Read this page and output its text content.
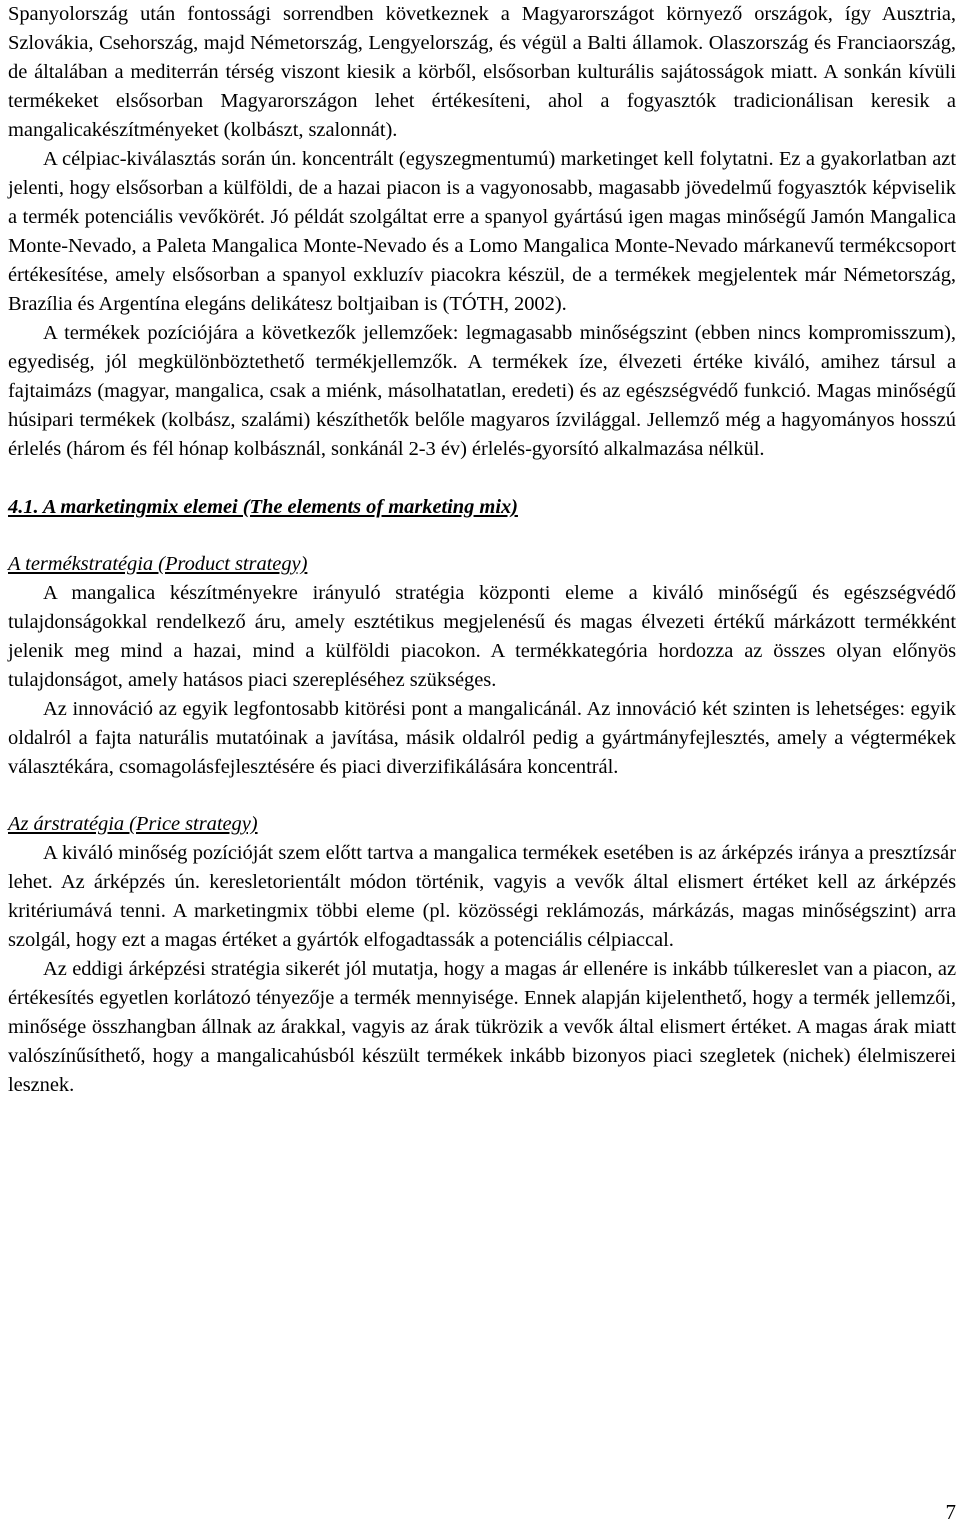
Spanyolország után fontossági sorrendben következnek a Magyarországot környező országok, így Ausztria, Szlovákia, Csehország, majd Németország, Lengyelország, és végül a Balti államok. Olaszország és Franciaország, de általában a mediterrán térség viszont kiesik a körből, elsősorban kulturális sajátosságok miatt. A sonkán kívüli termékeket elsősorban Magyarországon lehet értékesíteni, ahol a fogyasztók tradicionálisan keresik a mangalicakészítményeket (kolbászt, szalonnát).

A célpiac-kiválasztás során ún. koncentrált (egyszegmentumú) marketinget kell folytatni. Ez a gyakorlatban azt jelenti, hogy elsősorban a külföldi, de a hazai piacon is a vagyonosabb, magasabb jövedelmű fogyasztók képviselik a termék potenciális vevőkörét. Jó példát szolgáltat erre a spanyol gyártású igen magas minőségű Jamón Mangalica Monte-Nevado, a Paleta Mangalica Monte-Nevado és a Lomo Mangalica Monte-Nevado márkanevű termékcsoport értékesítése, amely elsősorban a spanyol exkluzív piacokra készül, de a termékek megjelentek már Németország, Brazília és Argentína elegáns delikátesz boltjaiban is (TÓTH, 2002).

A termékek pozíciójára a következők jellemzőek: legmagasabb minőségszint (ebben nincs kompromisszum), egyediség, jól megkülönböztethető termékjellemzők. A termékek íze, élvezeti értéke kiváló, amihez társul a fajtaimázs (magyar, mangalica, csak a miénk, másolhatatlan, eredeti) és az egészségvédő funkció. Magas minőségű húsipari termékek (kolbász, szalámi) készíthetők belőle magyaros ízvilággal. Jellemző még a hagyományos hosszú érlelés (három és fél hónap kolbásznál, sonkánál 2-3 év) érlelés-gyorsító alkalmazása nélkül.

4.1. A marketingmix elemei (The elements of marketing mix)

A termékstratégia (Product strategy)

A mangalica készítményekre irányuló stratégia központi eleme a kiváló minőségű és egészségvédő tulajdonságokkal rendelkező áru, amely esztétikus megjelenésű és magas élvezeti értékű márkázott termékként jelenik meg mind a hazai, mind a külföldi piacokon. A termékkategória hordozza az összes olyan előnyös tulajdonságot, amely hatásos piaci szerepléséhez szükséges.

Az innováció az egyik legfontosabb kitörési pont a mangalicánál. Az innováció két szinten is lehetséges: egyik oldalról a fajta naturális mutatóinak a javítása, másik oldalról pedig a gyártmányfejlesztés, amely a végtermékek választékára, csomagolásfejlesztésére és piaci diverzifikálására koncentrál.

Az árstratégia (Price strategy)

A kiváló minőség pozícióját szem előtt tartva a mangalica termékek esetében is az árképzés iránya a presztízsár lehet. Az árképzés ún. keresletorientált módon történik, vagyis a vevők által elismert értéket kell az árképzés kritériumává tenni. A marketingmix többi eleme (pl. közösségi reklámozás, márkázás, magas minőségszint) arra szolgál, hogy ezt a magas értéket a gyártók elfogadtassák a potenciális célpiaccal.

Az eddigi árképzési stratégia sikerét jól mutatja, hogy a magas ár ellenére is inkább túlkereslet van a piacon, az értékesítés egyetlen korlátozó tényezője a termék mennyisége. Ennek alapján kijelenthető, hogy a termék jellemzői, minősége összhangban állnak az árakkal, vagyis az árak tükrözik a vevők által elismert értéket. A magas árak miatt valószínűsíthető, hogy a mangalicahúsból készült termékek inkább bizonyos piaci szegletek (nichek) élelmiszerei lesznek.

7
